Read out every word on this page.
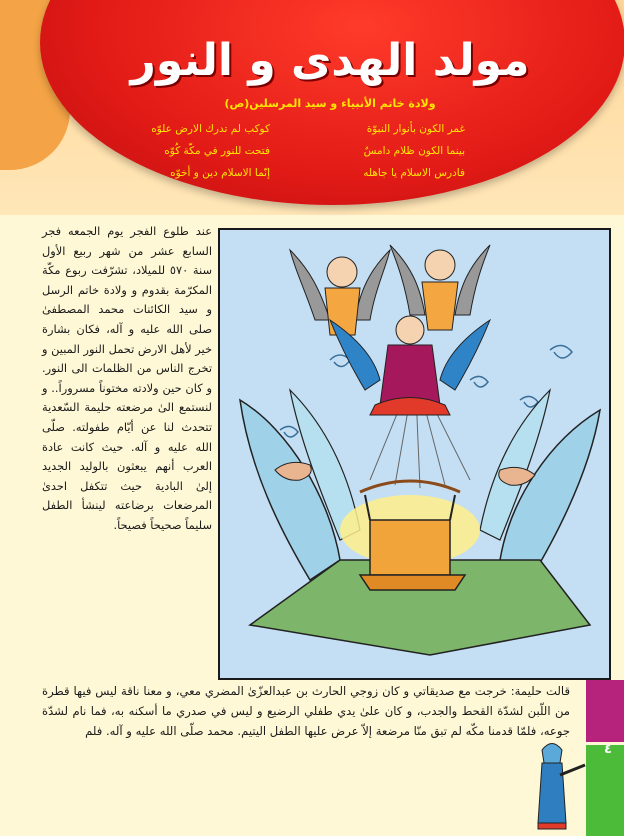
مولد الهدى و النور
ولادة خاتم الأنبياء و سيد المرسلين(ص)
غمر الكون بأنوار النبوّة
بينما الكون ظلام دامسٌ
فادرس الاسلام يا جاهله
كوكب لم تدرك الارض علوّه
فتحت للنور في مكّة كُوّه
إنّما الاسلام دين و أخوّه
عند طلوع الفجر يوم الجمعه فجر السابع عشر من شهر ربيع الأول سنة ٥٧٠ للميلاد، تشرّفت ربوع مكّة المكرّمة بقدوم و ولادة خاتم الرسل و سيد الكائنات محمد المصطفیٰ صلی الله علیه و آله، فكان بشارة خير لأهل الارض تحمل النور المبين و تخرج الناس من الظلمات الی النور. و كان حين ولادته مختوناً مسروراً.. و لنستمع الیٰ مرضعته حليمة السّعدية تتحدث لنا عن أيّام طفولته. صلّی الله علیه و آله. حيث كانت عادة العرب أنهم يبعثون بالوليد الجديد إلیٰ البادية حيث تتكفل احدیٰ المرضعات برضاعته لينشأ الطفل سليماً صحيحاً فصيحاً.
قالت حليمة: خرجت مع صديقاتي و كان زوجي الحارث بن عبدالعزّیٰ المضري معي، و معنا ناقة ليس فيها قطرة من اللّبن لشدّة القحط والجدب، و كان علیٰ يدي طفلي الرضيع و ليس في صدري ما أسكنه به، فما نام لشدّة جوعه، فلمّا قدمنا مكّه لم تبق منّا مرضعة إلاّ عرض عليها الطفل اليتيم. محمد صلّی الله علیه و آله. فلم
٤
